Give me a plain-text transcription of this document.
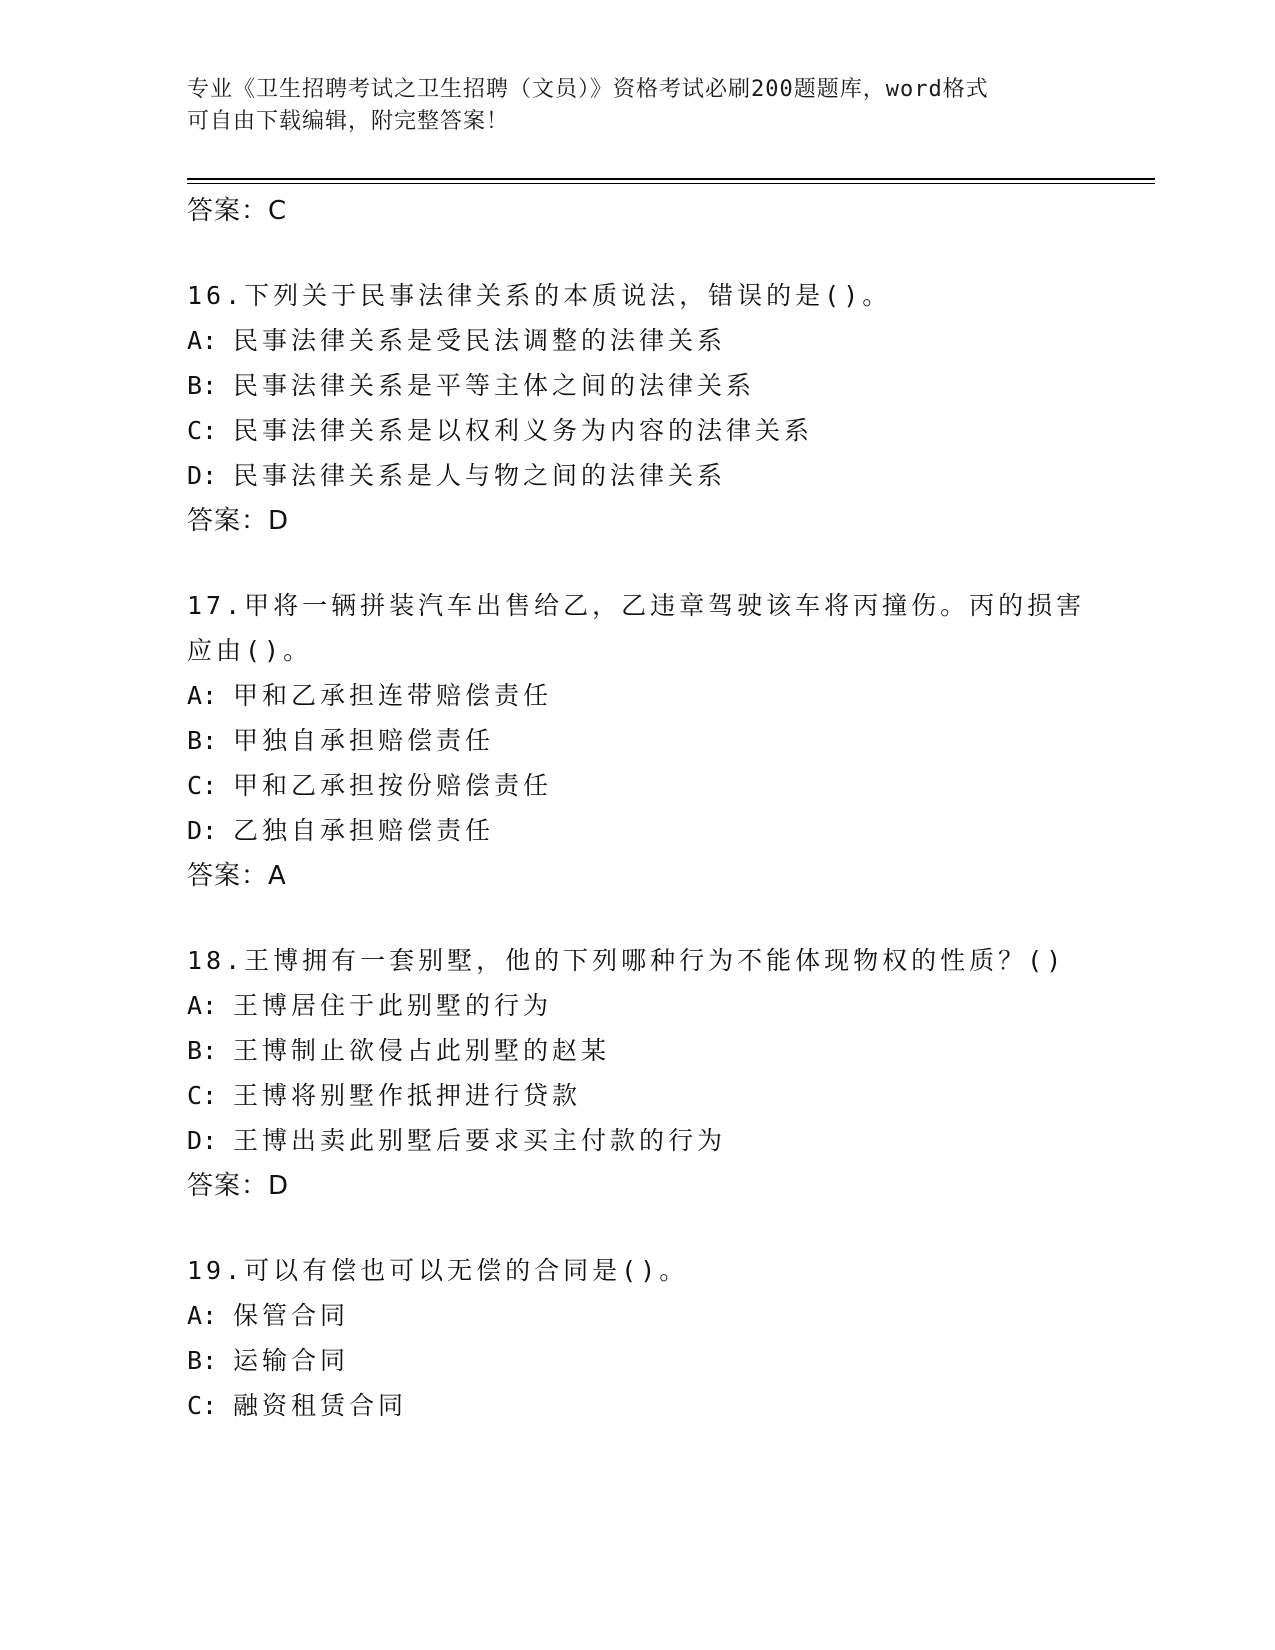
专业《卫生招聘考试之卫生招聘（文员）》资格考试必刷200题题库，word格式
可自由下载编辑，附完整答案！
答案：C
16.下列关于民事法律关系的本质说法，错误的是()。
A: 民事法律关系是受民法调整的法律关系
B: 民事法律关系是平等主体之间的法律关系
C: 民事法律关系是以权利义务为内容的法律关系
D: 民事法律关系是人与物之间的法律关系
答案：D
17.甲将一辆拼装汽车出售给乙，乙违章驾驶该车将丙撞伤。丙的损害
应由()。
A: 甲和乙承担连带赔偿责任
B: 甲独自承担赔偿责任
C: 甲和乙承担按份赔偿责任
D: 乙独自承担赔偿责任
答案：A
18.王博拥有一套别墅，他的下列哪种行为不能体现物权的性质？()
A: 王博居住于此别墅的行为
B: 王博制止欲侵占此别墅的赵某
C: 王博将别墅作抵押进行贷款
D: 王博出卖此别墅后要求买主付款的行为
答案：D
19.可以有偿也可以无偿的合同是()。
A: 保管合同
B: 运输合同
C: 融资租赁合同
